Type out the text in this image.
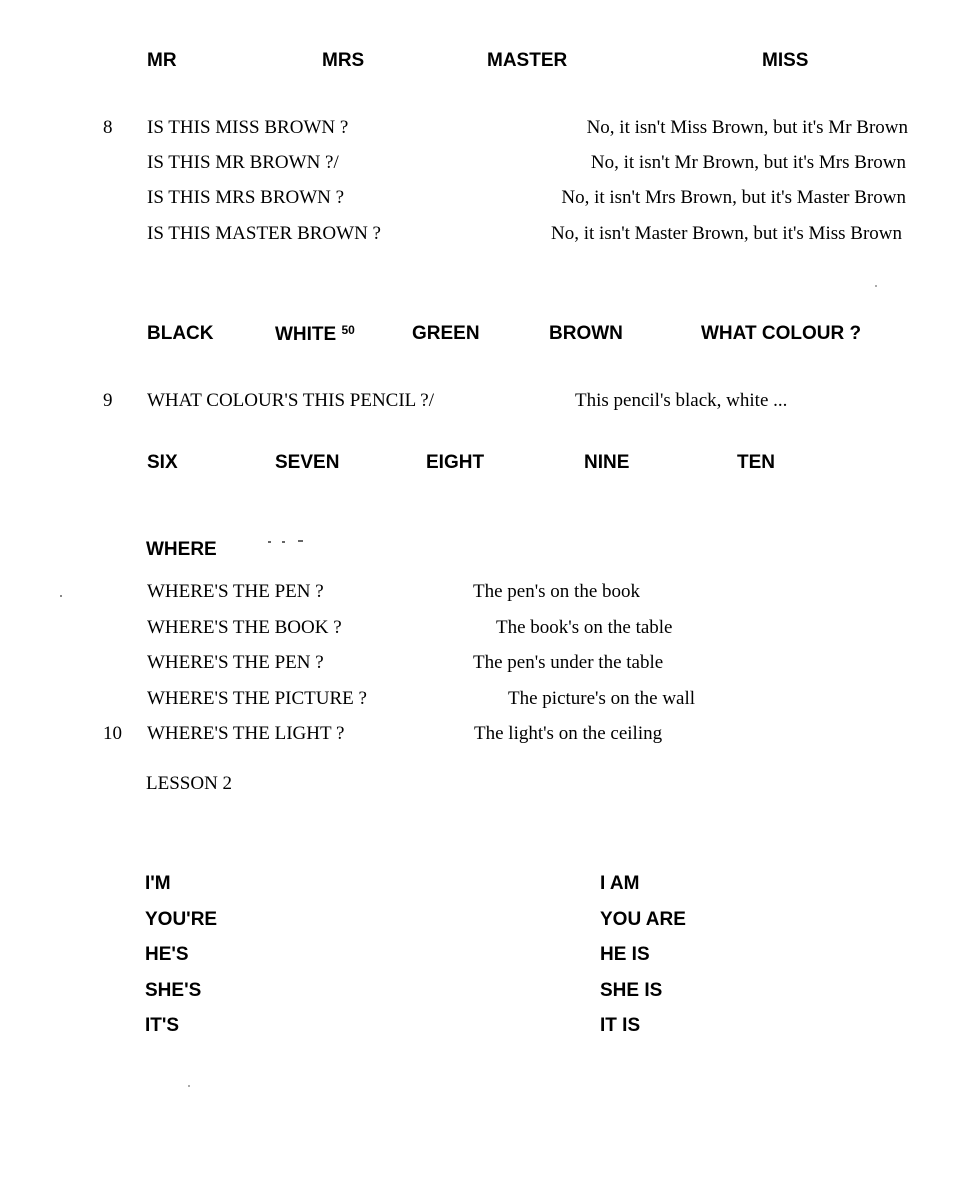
MR	MRS	MASTER	MISS
8 IS THIS MISS BROWN ?	No, it isn't Miss Brown, but it's Mr Brown
IS THIS MR BROWN ?/	No, it isn't Mr Brown, but it's Mrs Brown
IS THIS MRS BROWN ?	No, it isn't Mrs Brown, but it's Master Brown
IS THIS MASTER BROWN ?	No, it isn't Master Brown, but it's Miss Brown
BLACK	WHITE $^{50}$	GREEN	BROWN	WHAT COLOUR ?
9 WHAT COLOUR'S THIS PENCIL ?/	This pencil's black, white ...
SIX	SEVEN	EIGHT	NINE	TEN
WHERE
WHERE'S THE PEN ?	The pen's on the book
WHERE'S THE BOOK ?	The book's on the table
WHERE'S THE PEN ?	The pen's under the table
WHERE'S THE PICTURE ?	The picture's on the wall
10 WHERE'S THE LIGHT ?	The light's on the ceiling
LESSON 2
I'M	I AM
YOU'RE	YOU ARE
HE'S	HE IS
SHE'S	SHE IS
IT'S	IT IS
